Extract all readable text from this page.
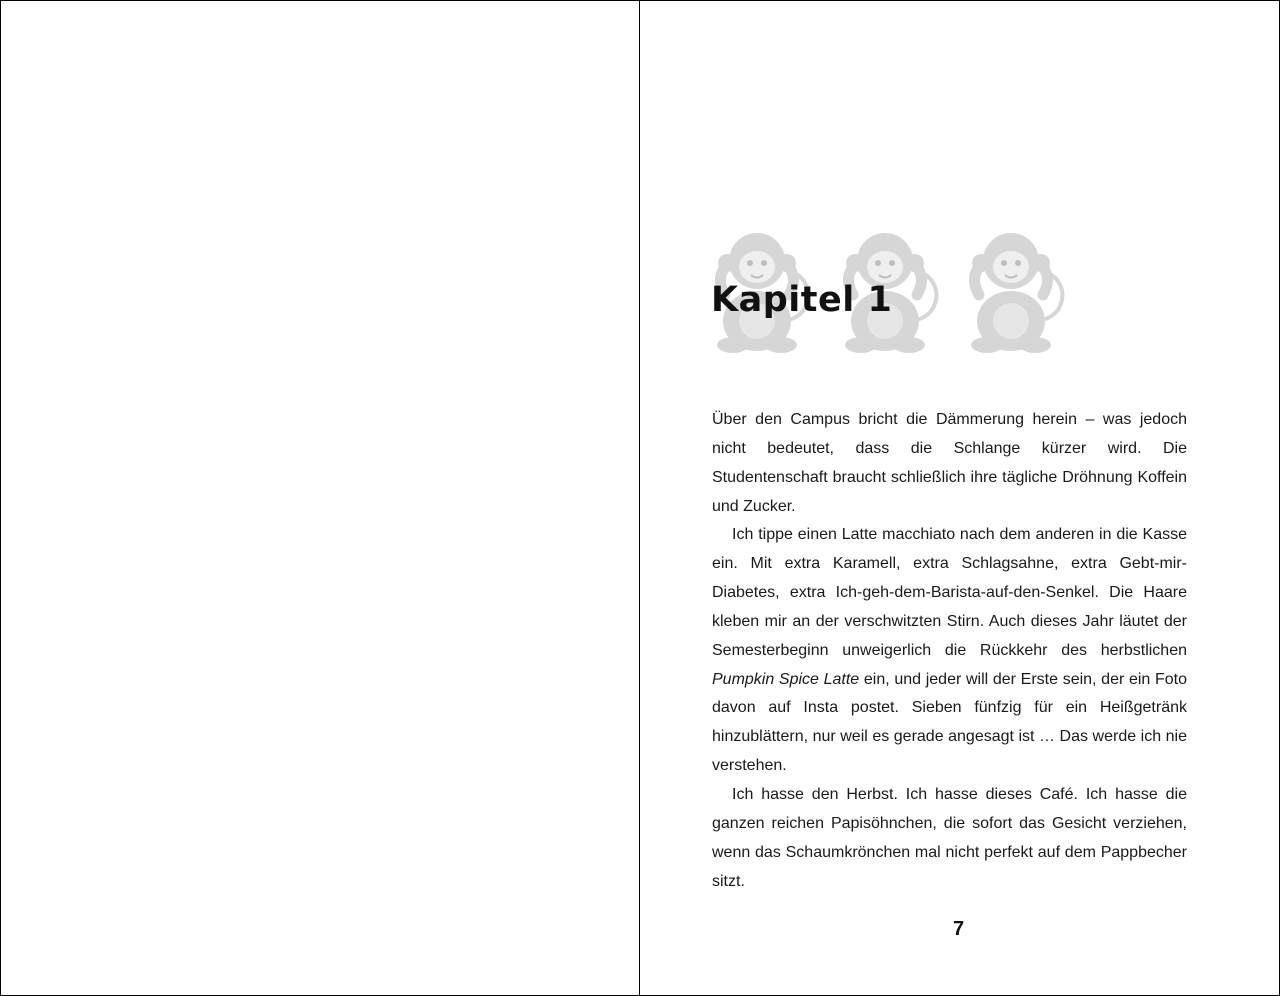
Kapitel 1

Über den Campus bricht die Dämmerung herein – was jedoch nicht bedeutet, dass die Schlange kürzer wird. Die Studentenschaft braucht schließlich ihre tägliche Dröhnung Koffein und Zucker.

Ich tippe einen Latte macchiato nach dem anderen in die Kasse ein. Mit extra Karamell, extra Schlagsahne, extra Gebt-mir-Diabetes, extra Ich-geh-dem-Barista-auf-den-Senkel. Die Haare kleben mir an der verschwitzten Stirn. Auch dieses Jahr läutet der Semesterbeginn unweigerlich die Rückkehr des herbstlichen Pumpkin Spice Latte ein, und jeder will der Erste sein, der ein Foto davon auf Insta postet. Sieben fünfzig für ein Heißgetränk hinzublättern, nur weil es gerade angesagt ist … Das werde ich nie verstehen.

Ich hasse den Herbst. Ich hasse dieses Café. Ich hasse die ganzen reichen Papisöhnchen, die sofort das Gesicht verziehen, wenn das Schaumkrönchen mal nicht perfekt auf dem Pappbecher sitzt.

7
